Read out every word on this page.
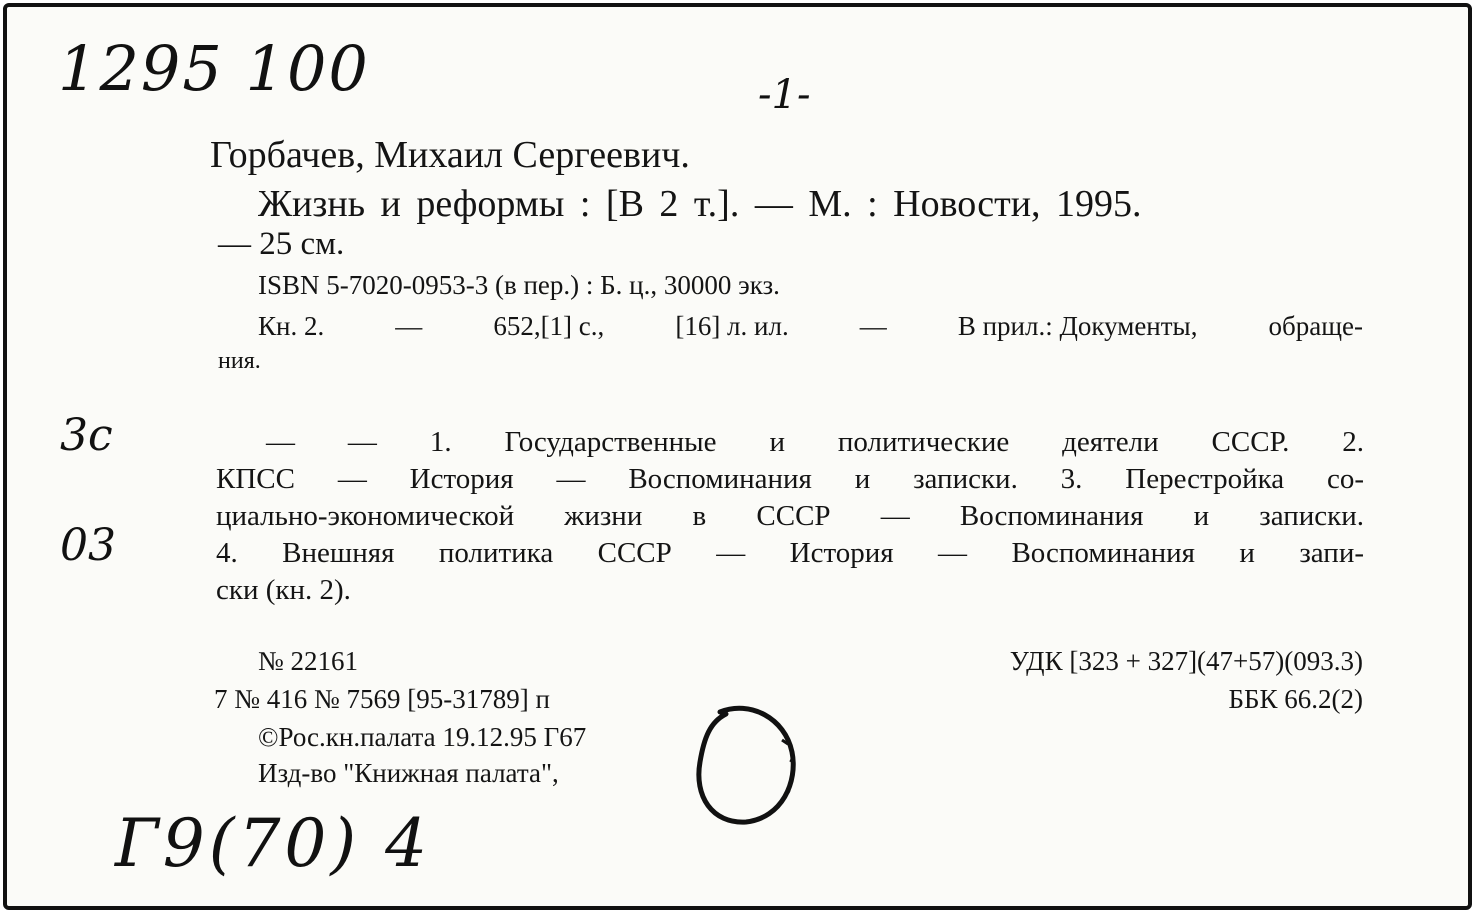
1295 100	-1-
3c
03
Г9(70) 4
Горбачев, Михаил Сергеевич.
Жизнь и реформы : [В 2 т.]. — М. : Новости, 1995.
— 25 см.
ISBN 5-7020-0953-3 (в пер.) : Б. ц., 30000 экз.
Кн. 2.	—	652,[1] с.,	[16] л. ил.	—	В прил.: Документы,	обраще-
ния.
— — 1. Государственные и политические деятели СССР. 2.
КПСС — История — Воспоминания и записки. 3. Перестройка со-
циально-экономической жизни в СССР — Воспоминания и записки.
4. Внешняя политика СССР — История — Воспоминания и запи-
ски (кн. 2).
№ 22161
7 № 416 № 7569 [95-31789] п
©Рос.кн.палата 19.12.95 Г67
Изд-во "Книжная палата",
УДК [323 + 327](47+57)(093.3)
ББК 66.2(2)
